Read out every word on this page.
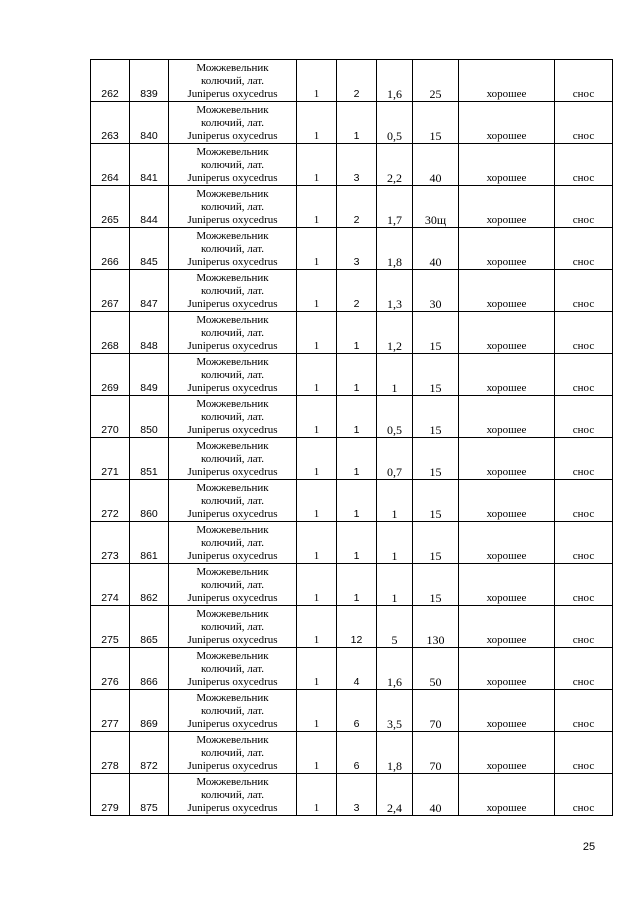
262	839	Можжевельник
колючий, лат.
Juniperus oxycedrus	1	2	1,6	25	хорошее	снос
263	840	Можжевельник
колючий, лат.
Juniperus oxycedrus	1	1	0,5	15	хорошее	снос
264	841	Можжевельник
колючий, лат.
Juniperus oxycedrus	1	3	2,2	40	хорошее	снос
265	844	Можжевельник
колючий, лат.
Juniperus oxycedrus	1	2	1,7	30щ	хорошее	снос
266	845	Можжевельник
колючий, лат.
Juniperus oxycedrus	1	3	1,8	40	хорошее	снос
267	847	Можжевельник
колючий, лат.
Juniperus oxycedrus	1	2	1,3	30	хорошее	снос
268	848	Можжевельник
колючий, лат.
Juniperus oxycedrus	1	1	1,2	15	хорошее	снос
269	849	Можжевельник
колючий, лат.
Juniperus oxycedrus	1	1	1	15	хорошее	снос
270	850	Можжевельник
колючий, лат.
Juniperus oxycedrus	1	1	0,5	15	хорошее	снос
271	851	Можжевельник
колючий, лат.
Juniperus oxycedrus	1	1	0,7	15	хорошее	снос
272	860	Можжевельник
колючий, лат.
Juniperus oxycedrus	1	1	1	15	хорошее	снос
273	861	Можжевельник
колючий, лат.
Juniperus oxycedrus	1	1	1	15	хорошее	снос
274	862	Можжевельник
колючий, лат.
Juniperus oxycedrus	1	1	1	15	хорошее	снос
275	865	Можжевельник
колючий, лат.
Juniperus oxycedrus	1	12	5	130	хорошее	снос
276	866	Можжевельник
колючий, лат.
Juniperus oxycedrus	1	4	1,6	50	хорошее	снос
277	869	Можжевельник
колючий, лат.
Juniperus oxycedrus	1	6	3,5	70	хорошее	снос
278	872	Можжевельник
колючий, лат.
Juniperus oxycedrus	1	6	1,8	70	хорошее	снос
279	875	Можжевельник
колючий, лат.
Juniperus oxycedrus	1	3	2,4	40	хорошее	снос
25
